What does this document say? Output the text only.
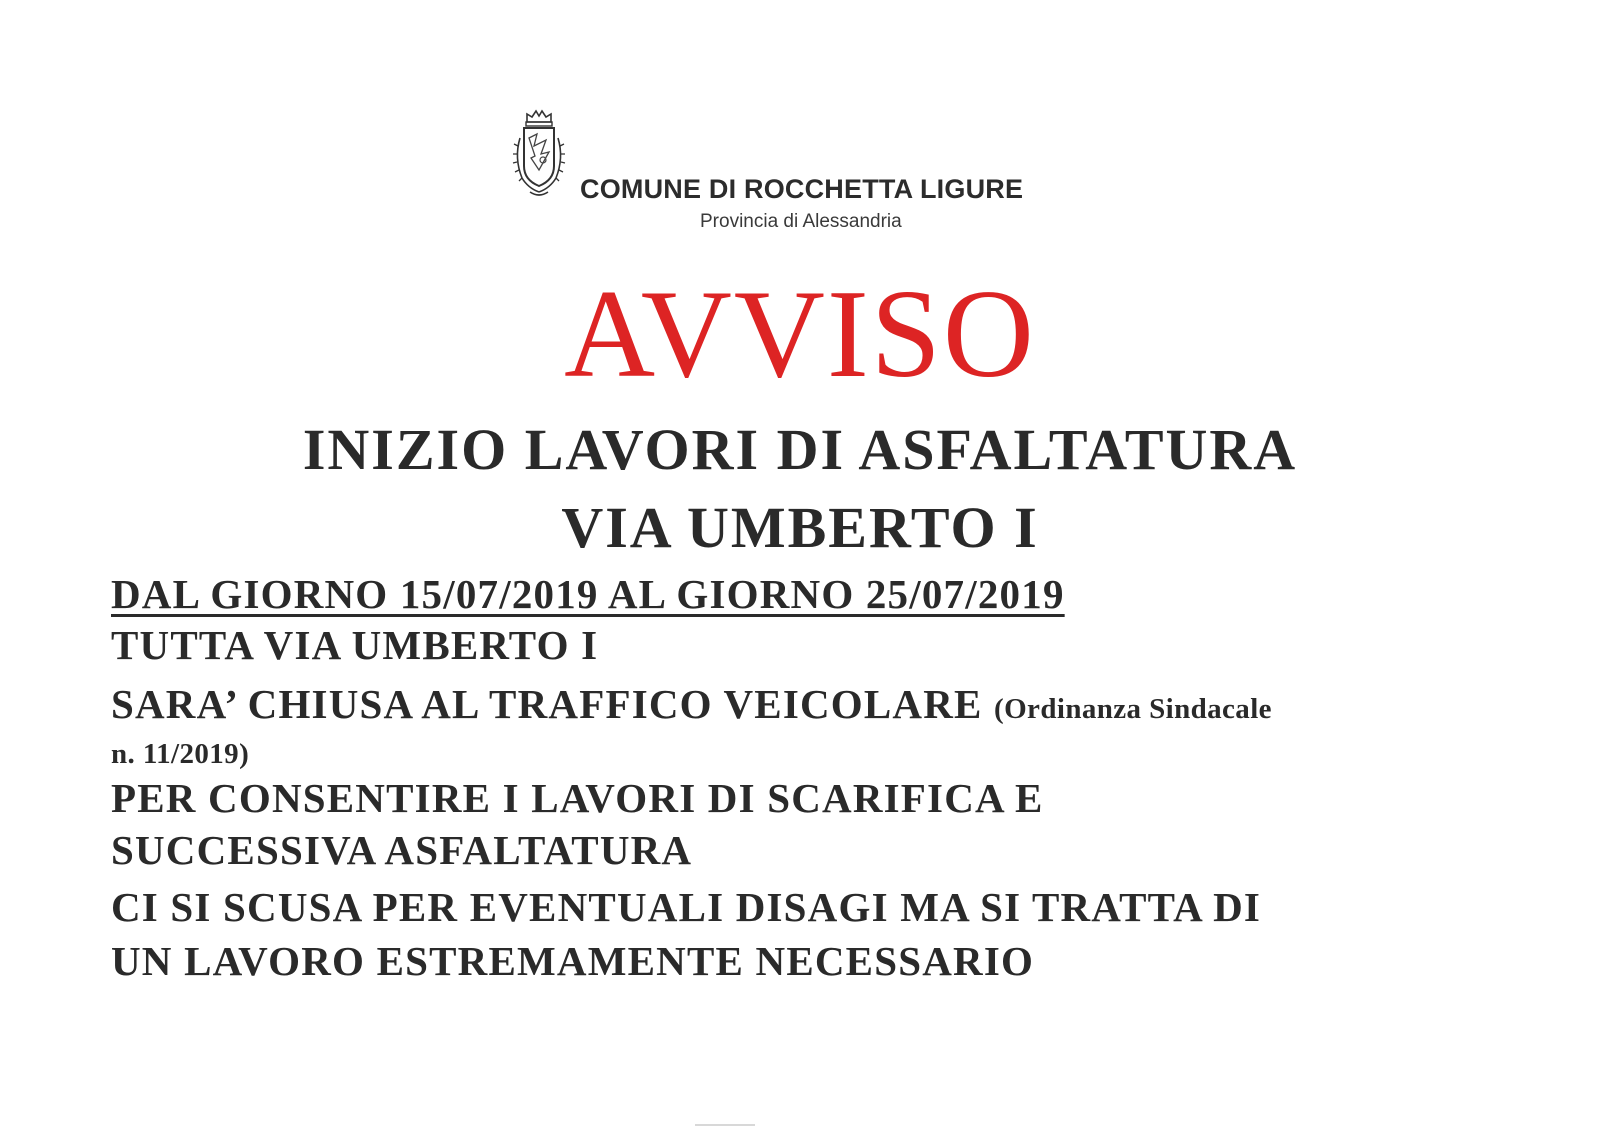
COMUNE DI ROCCHETTA LIGURE
Provincia di Alessandria
AVVISO
INIZIO LAVORI DI ASFALTATURA
VIA UMBERTO I
DAL GIORNO 15/07/2019 AL GIORNO 25/07/2019
TUTTA VIA UMBERTO I
SARA’ CHIUSA AL TRAFFICO VEICOLARE (Ordinanza Sindacale
n. 11/2019)
PER CONSENTIRE I LAVORI DI SCARIFICA E
SUCCESSIVA ASFALTATURA
CI SI SCUSA PER EVENTUALI DISAGI MA SI TRATTA DI
UN LAVORO ESTREMAMENTE NECESSARIO
